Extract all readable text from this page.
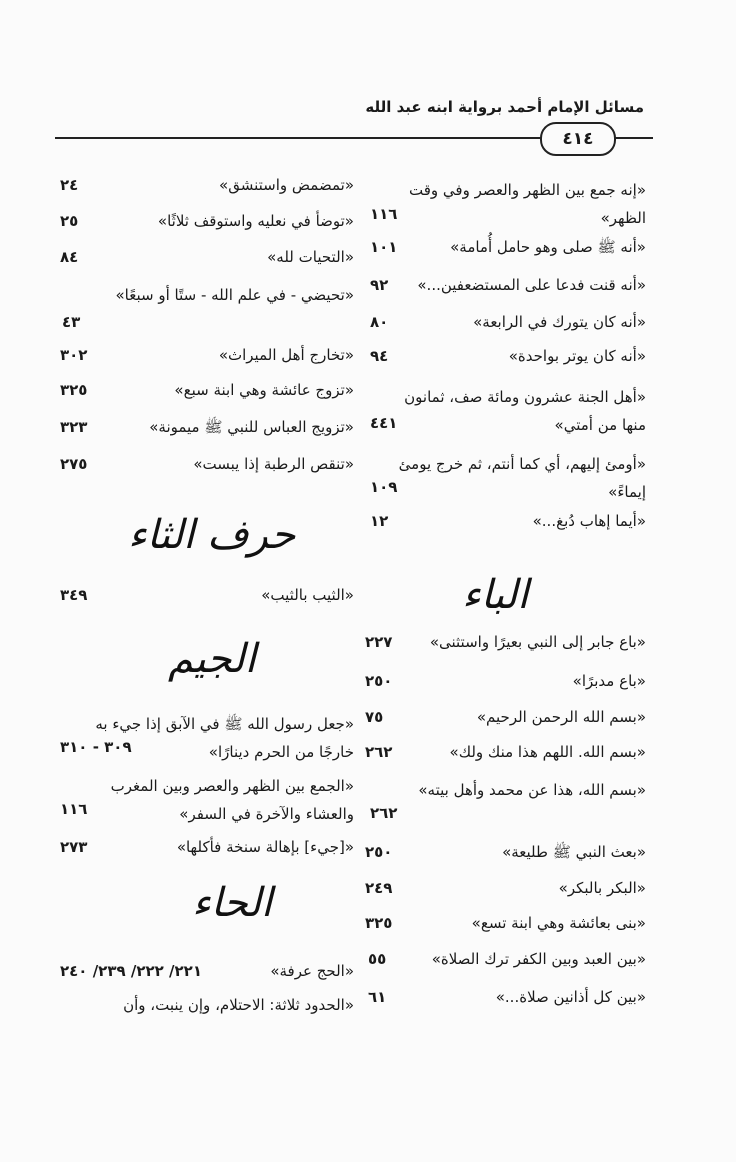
مسائل الإمام أحمد برواية ابنه عبد الله
٤١٤
«إنه جمع بين الظهر والعصر وفي وقت
الظهر»
١١٦
«أنه ﷺ صلى وهو حامل أُمامة»
١٠١
«أنه قنت فدعا على المستضعفين...»
٩٢
«أنه كان يتورك في الرابعة»
٨٠
«أنه كان يوتر بواحدة»
٩٤
«أهل الجنة عشرون ومائة صف، ثمانون
منها من أمتي»
٤٤١
«أومئ إليهم، أي كما أنتم، ثم خرج يومئ
إيماءً»
١٠٩
«أيما إهاب دُبغ...»
١٢
الباء
«باع جابر إلى النبي بعيرًا واستثنى»
٢٢٧
«باع مدبرًا»
٢٥٠
«بسم الله الرحمن الرحيم»
٧٥
«بسم الله. اللهم هذا منك ولك»
٢٦٢
«بسم الله، هذا عن محمد وأهل بيته»
٢٦٢
«بعث النبي ﷺ طليعة»
٢٥٠
«البكر بالبكر»
٢٤٩
«بنى بعائشة وهي ابنة تسع»
٣٢٥
«بين العبد وبين الكفر ترك الصلاة»
٥٥
«بين كل أذانين صلاة...»
٦١
«تمضمض واستنشق»
٢٤
«توضأ في نعليه واستوقف ثلاثًا»
٢٥
«التحيات لله»
٨٤
«تحيضي - في علم الله - ستًا أو سبعًا»
٤٣
«تخارج أهل الميراث»
٣٠٢
«تزوج عائشة وهي ابنة سبع»
٣٢٥
«تزويج العباس للنبي ﷺ ميمونة»
٣٢٣
«تنقص الرطبة إذا يبست»
٢٧٥
حرف الثاء
«الثيب بالثيب»
٣٤٩
الجيم
«جعل رسول الله ﷺ في الآبق إذا جيء به
خارجًا من الحرم دينارًا»
٣٠٩ - ٣١٠
«الجمع بين الظهر والعصر وبين المغرب
والعشاء والآخرة في السفر»
١١٦
«[جيء] بإهالة سنخة فأكلها»
٢٧٣
الحاء
«الحج عرفة»
٢٢١/ ٢٢٢/ ٢٣٩/ ٢٤٠
«الحدود ثلاثة: الاحتلام، وإن ينبت، وأن
